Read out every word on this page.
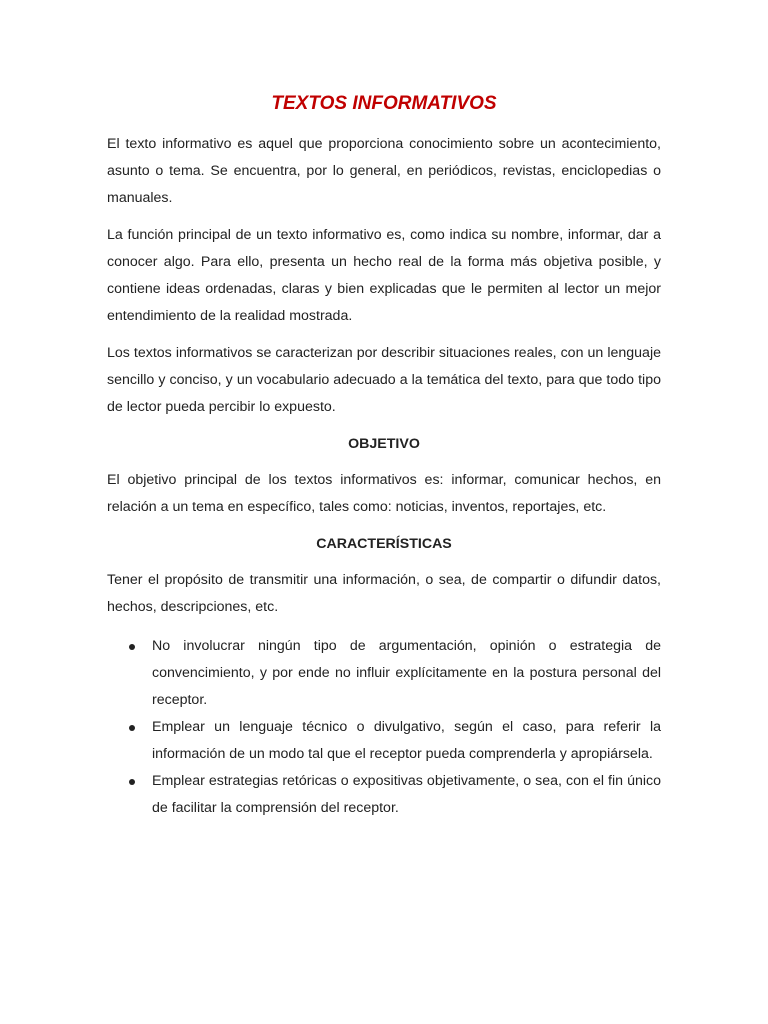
TEXTOS INFORMATIVOS

El texto informativo es aquel que proporciona conocimiento sobre un acontecimiento, asunto o tema. Se encuentra, por lo general, en periódicos, revistas, enciclopedias o manuales.

La función principal de un texto informativo es, como indica su nombre, informar, dar a conocer algo. Para ello, presenta un hecho real de la forma más objetiva posible, y contiene ideas ordenadas, claras y bien explicadas que le permiten al lector un mejor entendimiento de la realidad mostrada.

Los textos informativos se caracterizan por describir situaciones reales, con un lenguaje sencillo y conciso, y un vocabulario adecuado a la temática del texto, para que todo tipo de lector pueda percibir lo expuesto.

OBJETIVO

El objetivo principal de los textos informativos es: informar, comunicar hechos, en relación a un tema en específico, tales como: noticias, inventos, reportajes, etc.

CARACTERÍSTICAS

Tener el propósito de transmitir una información, o sea, de compartir o difundir datos, hechos, descripciones, etc.

No involucrar ningún tipo de argumentación, opinión o estrategia de convencimiento, y por ende no influir explícitamente en la postura personal del receptor.
Emplear un lenguaje técnico o divulgativo, según el caso, para referir la información de un modo tal que el receptor pueda comprenderla y apropiársela.
Emplear estrategias retóricas o expositivas objetivamente, o sea, con el fin único de facilitar la comprensión del receptor.
